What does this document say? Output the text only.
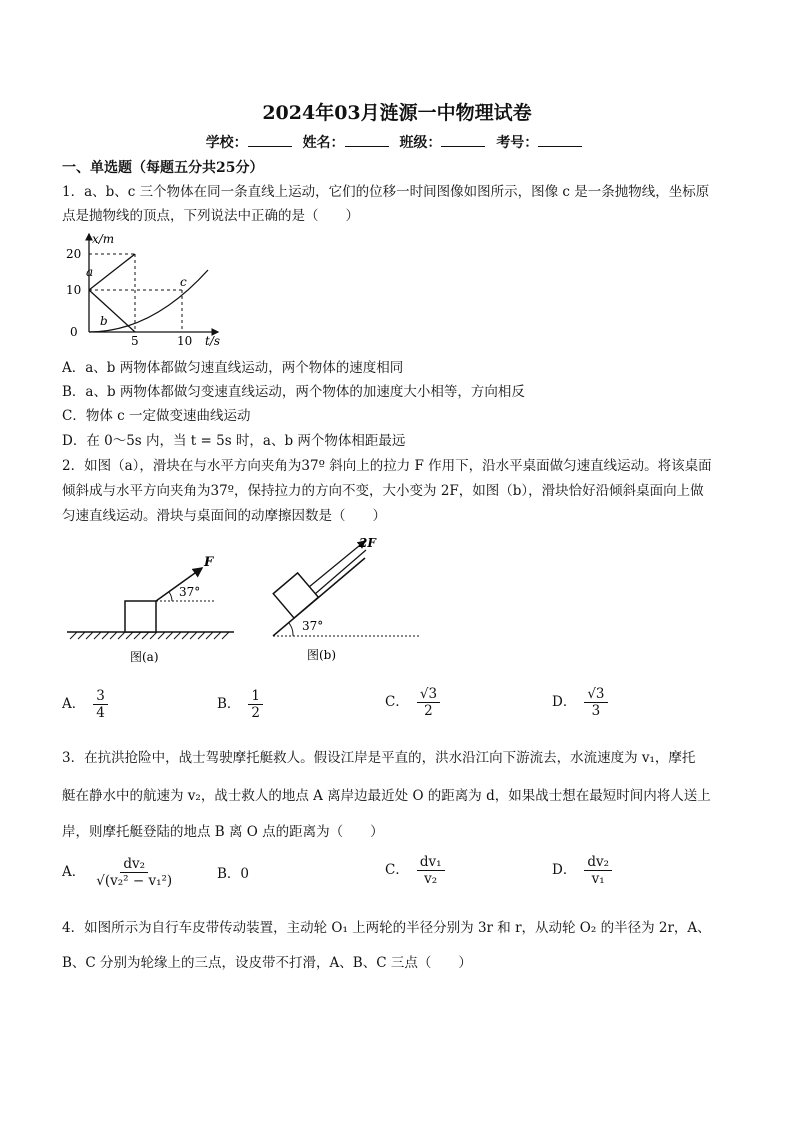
2024年03月涟源一中物理试卷
学校：	姓名：	班级：	考号：
一、单选题（每题五分共25分）
1．a、b、c 三个物体在同一条直线上运动，它们的位移一时间图像如图所示，图像 c 是一条抛物线，坐标原
点是抛物线的顶点，下列说法中正确的是（　　）
x/m
t/s
20
10
0
5	10
a
b
c
A．a、b 两物体都做匀速直线运动，两个物体的速度相同
B．a、b 两物体都做匀变速直线运动，两个物体的加速度大小相等，方向相反
C．物体 c 一定做变速曲线运动
D．在 0～5s 内，当 t = 5s 时，a、b 两个物体相距最远
2．如图（a），滑块在与水平方向夹角为37º 斜向上的拉力 F 作用下，沿水平桌面做匀速直线运动。将该桌面
倾斜成与水平方向夹角为37º，保持拉力的方向不变，大小变为 2F，如图（b），滑块恰好沿倾斜桌面向上做
匀速直线运动。滑块与桌面间的动摩擦因数是（　　）
F
37°
图(a)
37°
2F
图(b)
A． $\frac{3}{4}$	B． $\frac{1}{2}$	C． $\frac{√3}{2}$	D． $\frac{√3}{3}$
3．在抗洪抢险中，战士驾驶摩托艇救人。假设江岸是平直的，洪水沿江向下游流去，水流速度为 v₁，摩托
艇在静水中的航速为 v₂，战士救人的地点 A 离岸边最近处 O 的距离为 d，如果战士想在最短时间内将人送上
岸，则摩托艇登陆的地点 B 离 O 点的距离为（　　）
A． $\frac{\text{dv₂}}{\text{√(v₂² − v₁²)}}$	B．0	C． $\frac{\text{dv₁}}{\text{v₂}}$	D． $\frac{\text{dv₂}}{\text{v₁}}$
4．如图所示为自行车皮带传动装置，主动轮 O₁ 上两轮的半径分别为 3r 和 r，从动轮 O₂ 的半径为 2r，A、
B、C 分别为轮缘上的三点，设皮带不打滑，A、B、C 三点（　　）
